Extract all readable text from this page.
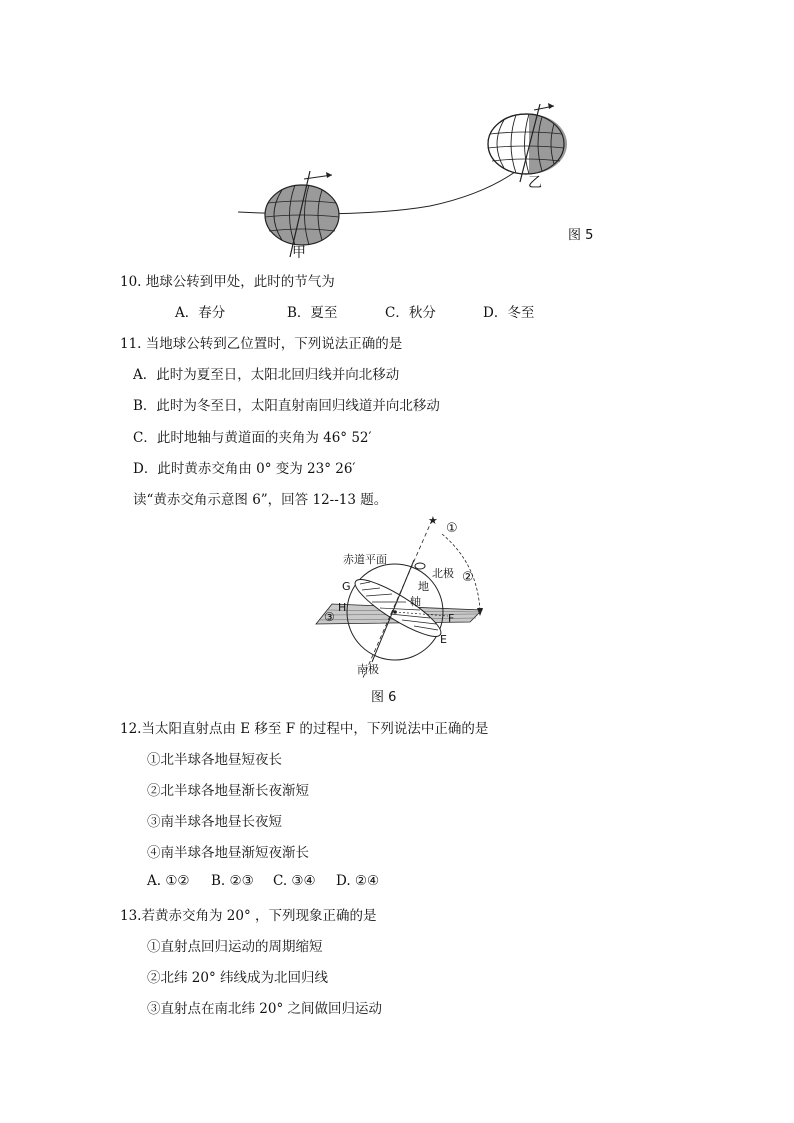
甲
乙
图 5
10. 地球公转到甲处，此时的节气为
A．春分	B．夏至	C．秋分	D．冬至
11. 当地球公转到乙位置时，下列说法正确的是
A．此时为夏至日，太阳北回归线并向北移动
B．此时为冬至日，太阳直射南回归线道并向北移动
C．此时地轴与黄道面的夹角为 46° 52′
D．此时黄赤交角由 0° 变为 23° 26′
读“黄赤交角示意图 6”，回答 12--13 题。
★
赤道平面
北极
南极
地
轴
G
H
F
E
①
②
③
图 6
12.当太阳直射点由 E 移至 F 的过程中，下列说法中正确的是
①北半球各地昼短夜长
②北半球各地昼渐长夜渐短
③南半球各地昼长夜短
④南半球各地昼渐短夜渐长
A. ①② B. ②③ C. ③④ D. ②④
13.若黄赤交角为 20° ，下列现象正确的是
①直射点回归运动的周期缩短
②北纬 20° 纬线成为北回归线
③直射点在南北纬 20° 之间做回归运动
